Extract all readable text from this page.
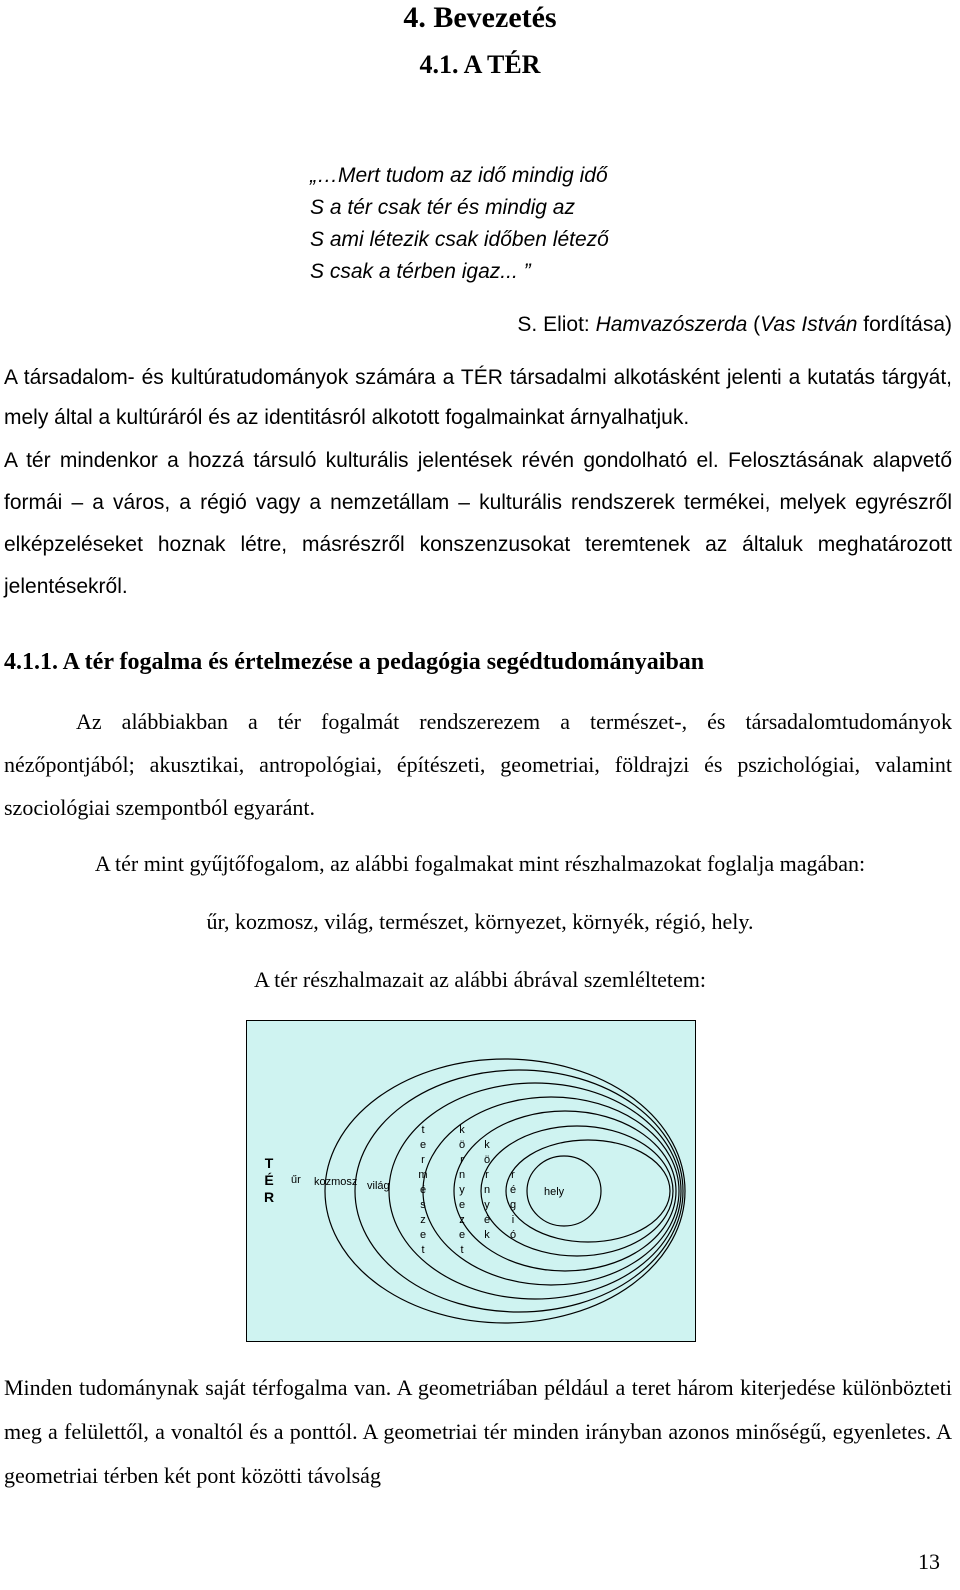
4. Bevezetés
4.1. A TÉR
„…Mert tudom az idő mindig idő
S a tér csak tér és mindig az
S ami létezik csak időben létező
S csak a térben igaz... ”
S. Eliot: Hamvazószerda (Vas István fordítása)
A társadalom- és kultúratudományok számára a TÉR társadalmi alkotásként jelenti a kutatás tárgyát, mely által a kultúráról és az identitásról alkotott fogalmainkat árnyalhatjuk.
A tér mindenkor a hozzá társuló kulturális jelentések révén gondolható el. Felosztásának alapvető formái – a város, a régió vagy a nemzetállam – kulturális rendszerek termékei, melyek egyrészről elképzeléseket hoznak létre, másrészről konszenzusokat teremtenek az általuk meghatározott jelentésekről.
4.1.1. A tér fogalma és értelmezése a pedagógia segédtudományaiban
Az alábbiakban a tér fogalmát rendszerezem a természet-, és társadalomtudományok nézőpontjából; akusztikai, antropológiai, építészeti, geometriai, földrajzi és pszichológiai, valamint szociológiai szempontból egyaránt.
A tér mint gyűjtőfogalom, az alábbi fogalmakat mint részhalmazokat foglalja magában:
űr, kozmosz, világ, természet, környezet, környék, régió, hely.
A tér részhalmazait az alábbi ábrával szemléltetem:
T
É
R
űr kozmosz világ	hely
t
e
r
m
é
s
z
e
t
k
ö
r
n
y
e
z
e
t
k
ö
r
n
y
é
k
r
é
g
i
ó
Minden tudománynak saját térfogalma van. A geometriában például a teret három kiterjedése különbözteti meg a felülettől, a vonaltól és a ponttól. A geometriai tér minden irányban azonos minőségű, egyenletes. A geometriai térben két pont közötti távolság
13
